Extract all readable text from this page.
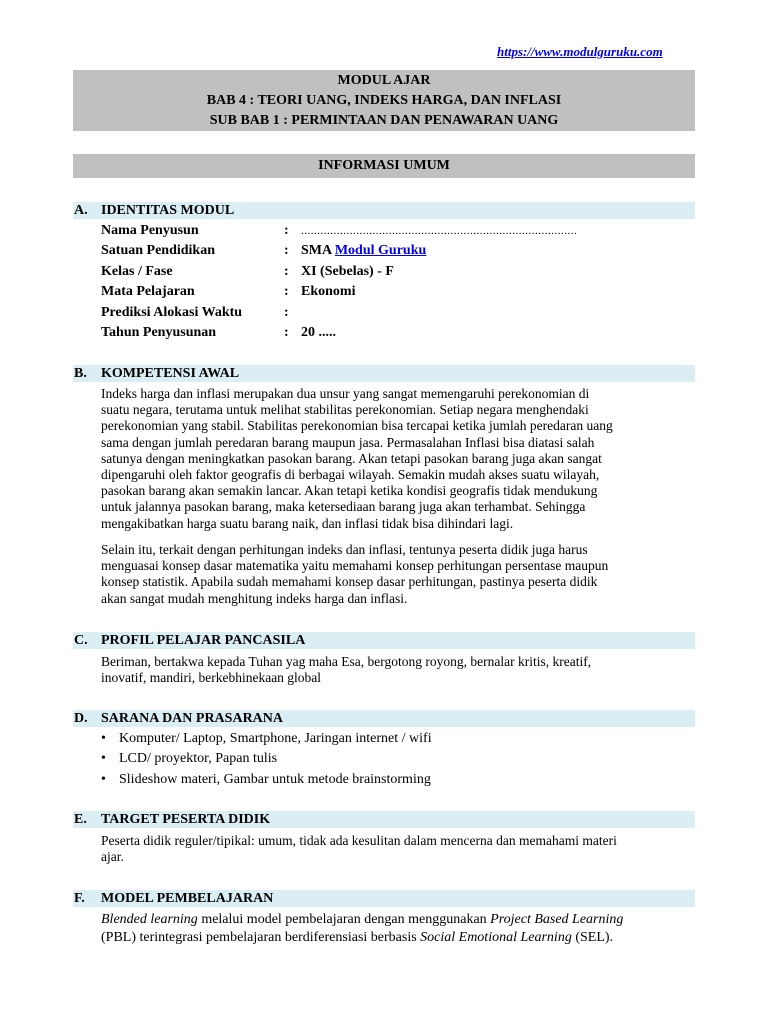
https://www.modulguruku.com
MODUL AJAR
BAB 4 : TEORI UANG, INDEKS HARGA, DAN INFLASI
SUB BAB 1 : PERMINTAAN DAN PENAWARAN UANG
INFORMASI UMUM
A. IDENTITAS MODUL
Nama Penyusun	: .....................................................................................
Satuan Pendidikan	: SMA Modul Guruku
Kelas / Fase	: XI (Sebelas) - F
Mata Pelajaran	: Ekonomi
Prediksi Alokasi Waktu	:
Tahun Penyusunan	: 20 .....
B. KOMPETENSI AWAL
Indeks harga dan inflasi merupakan dua unsur yang sangat memengaruhi perekonomian di
suatu negara, terutama untuk melihat stabilitas perekonomian. Setiap negara menghendaki
perekonomian yang stabil. Stabilitas perekonomian bisa tercapai ketika jumlah peredaran uang
sama dengan jumlah peredaran barang maupun jasa. Permasalahan Inflasi bisa diatasi salah
satunya dengan meningkatkan pasokan barang. Akan tetapi pasokan barang juga akan sangat
dipengaruhi oleh faktor geografis di berbagai wilayah. Semakin mudah akses suatu wilayah,
pasokan barang akan semakin lancar. Akan tetapi ketika kondisi geografis tidak mendukung
untuk jalannya pasokan barang, maka ketersediaan barang juga akan terhambat. Sehingga
mengakibatkan harga suatu barang naik, dan inflasi tidak bisa dihindari lagi.
Selain itu, terkait dengan perhitungan indeks dan inflasi, tentunya peserta didik juga harus
menguasai konsep dasar matematika yaitu memahami konsep perhitungan persentase maupun
konsep statistik. Apabila sudah memahami konsep dasar perhitungan, pastinya peserta didik
akan sangat mudah menghitung indeks harga dan inflasi.
C. PROFIL PELAJAR PANCASILA
Beriman, bertakwa kepada Tuhan yag maha Esa, bergotong royong, bernalar kritis, kreatif,
inovatif, mandiri, berkebhinekaan global
D. SARANA DAN PRASARANA
• Komputer/ Laptop, Smartphone, Jaringan internet / wifi
• LCD/ proyektor, Papan tulis
• Slideshow materi, Gambar untuk metode brainstorming
E. TARGET PESERTA DIDIK
Peserta didik reguler/tipikal: umum, tidak ada kesulitan dalam mencerna dan memahami materi
ajar.
F. MODEL PEMBELAJARAN
Blended learning melalui model pembelajaran dengan menggunakan Project Based Learning
(PBL) terintegrasi pembelajaran berdiferensiasi berbasis Social Emotional Learning (SEL).
